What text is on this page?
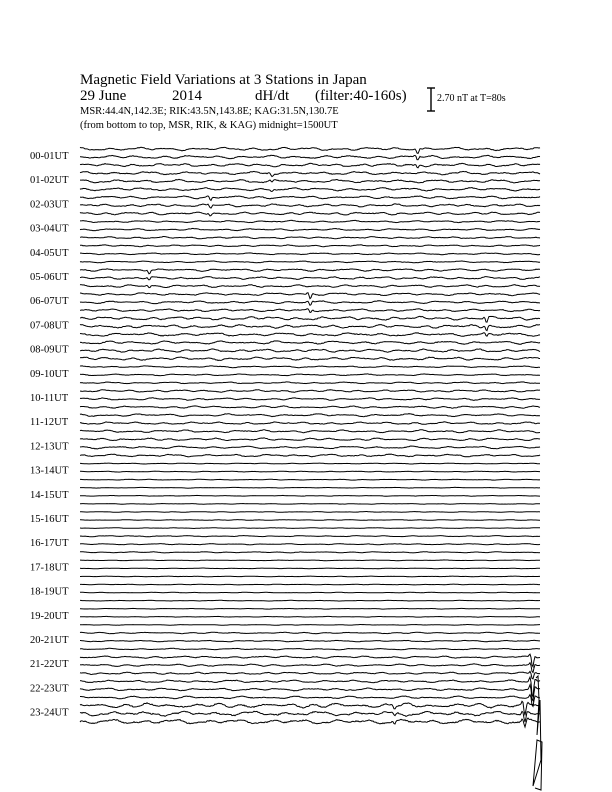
Magnetic Field Variations at 3 Stations in Japan
29 June	2014	dH/dt (filter:40-160s)
MSR:44.4N,142.3E; RIK:43.5N,143.8E; KAG:31.5N,130.7E
(from bottom to top, MSR, RIK, & KAG) midnight=1500UT
2.70 nT at T=80s
00-01UT
01-02UT
02-03UT
03-04UT
04-05UT
05-06UT
06-07UT
07-08UT
08-09UT
09-10UT
10-11UT
11-12UT
12-13UT
13-14UT
14-15UT
15-16UT
16-17UT
17-18UT
18-19UT
19-20UT
20-21UT
21-22UT
22-23UT
23-24UT
